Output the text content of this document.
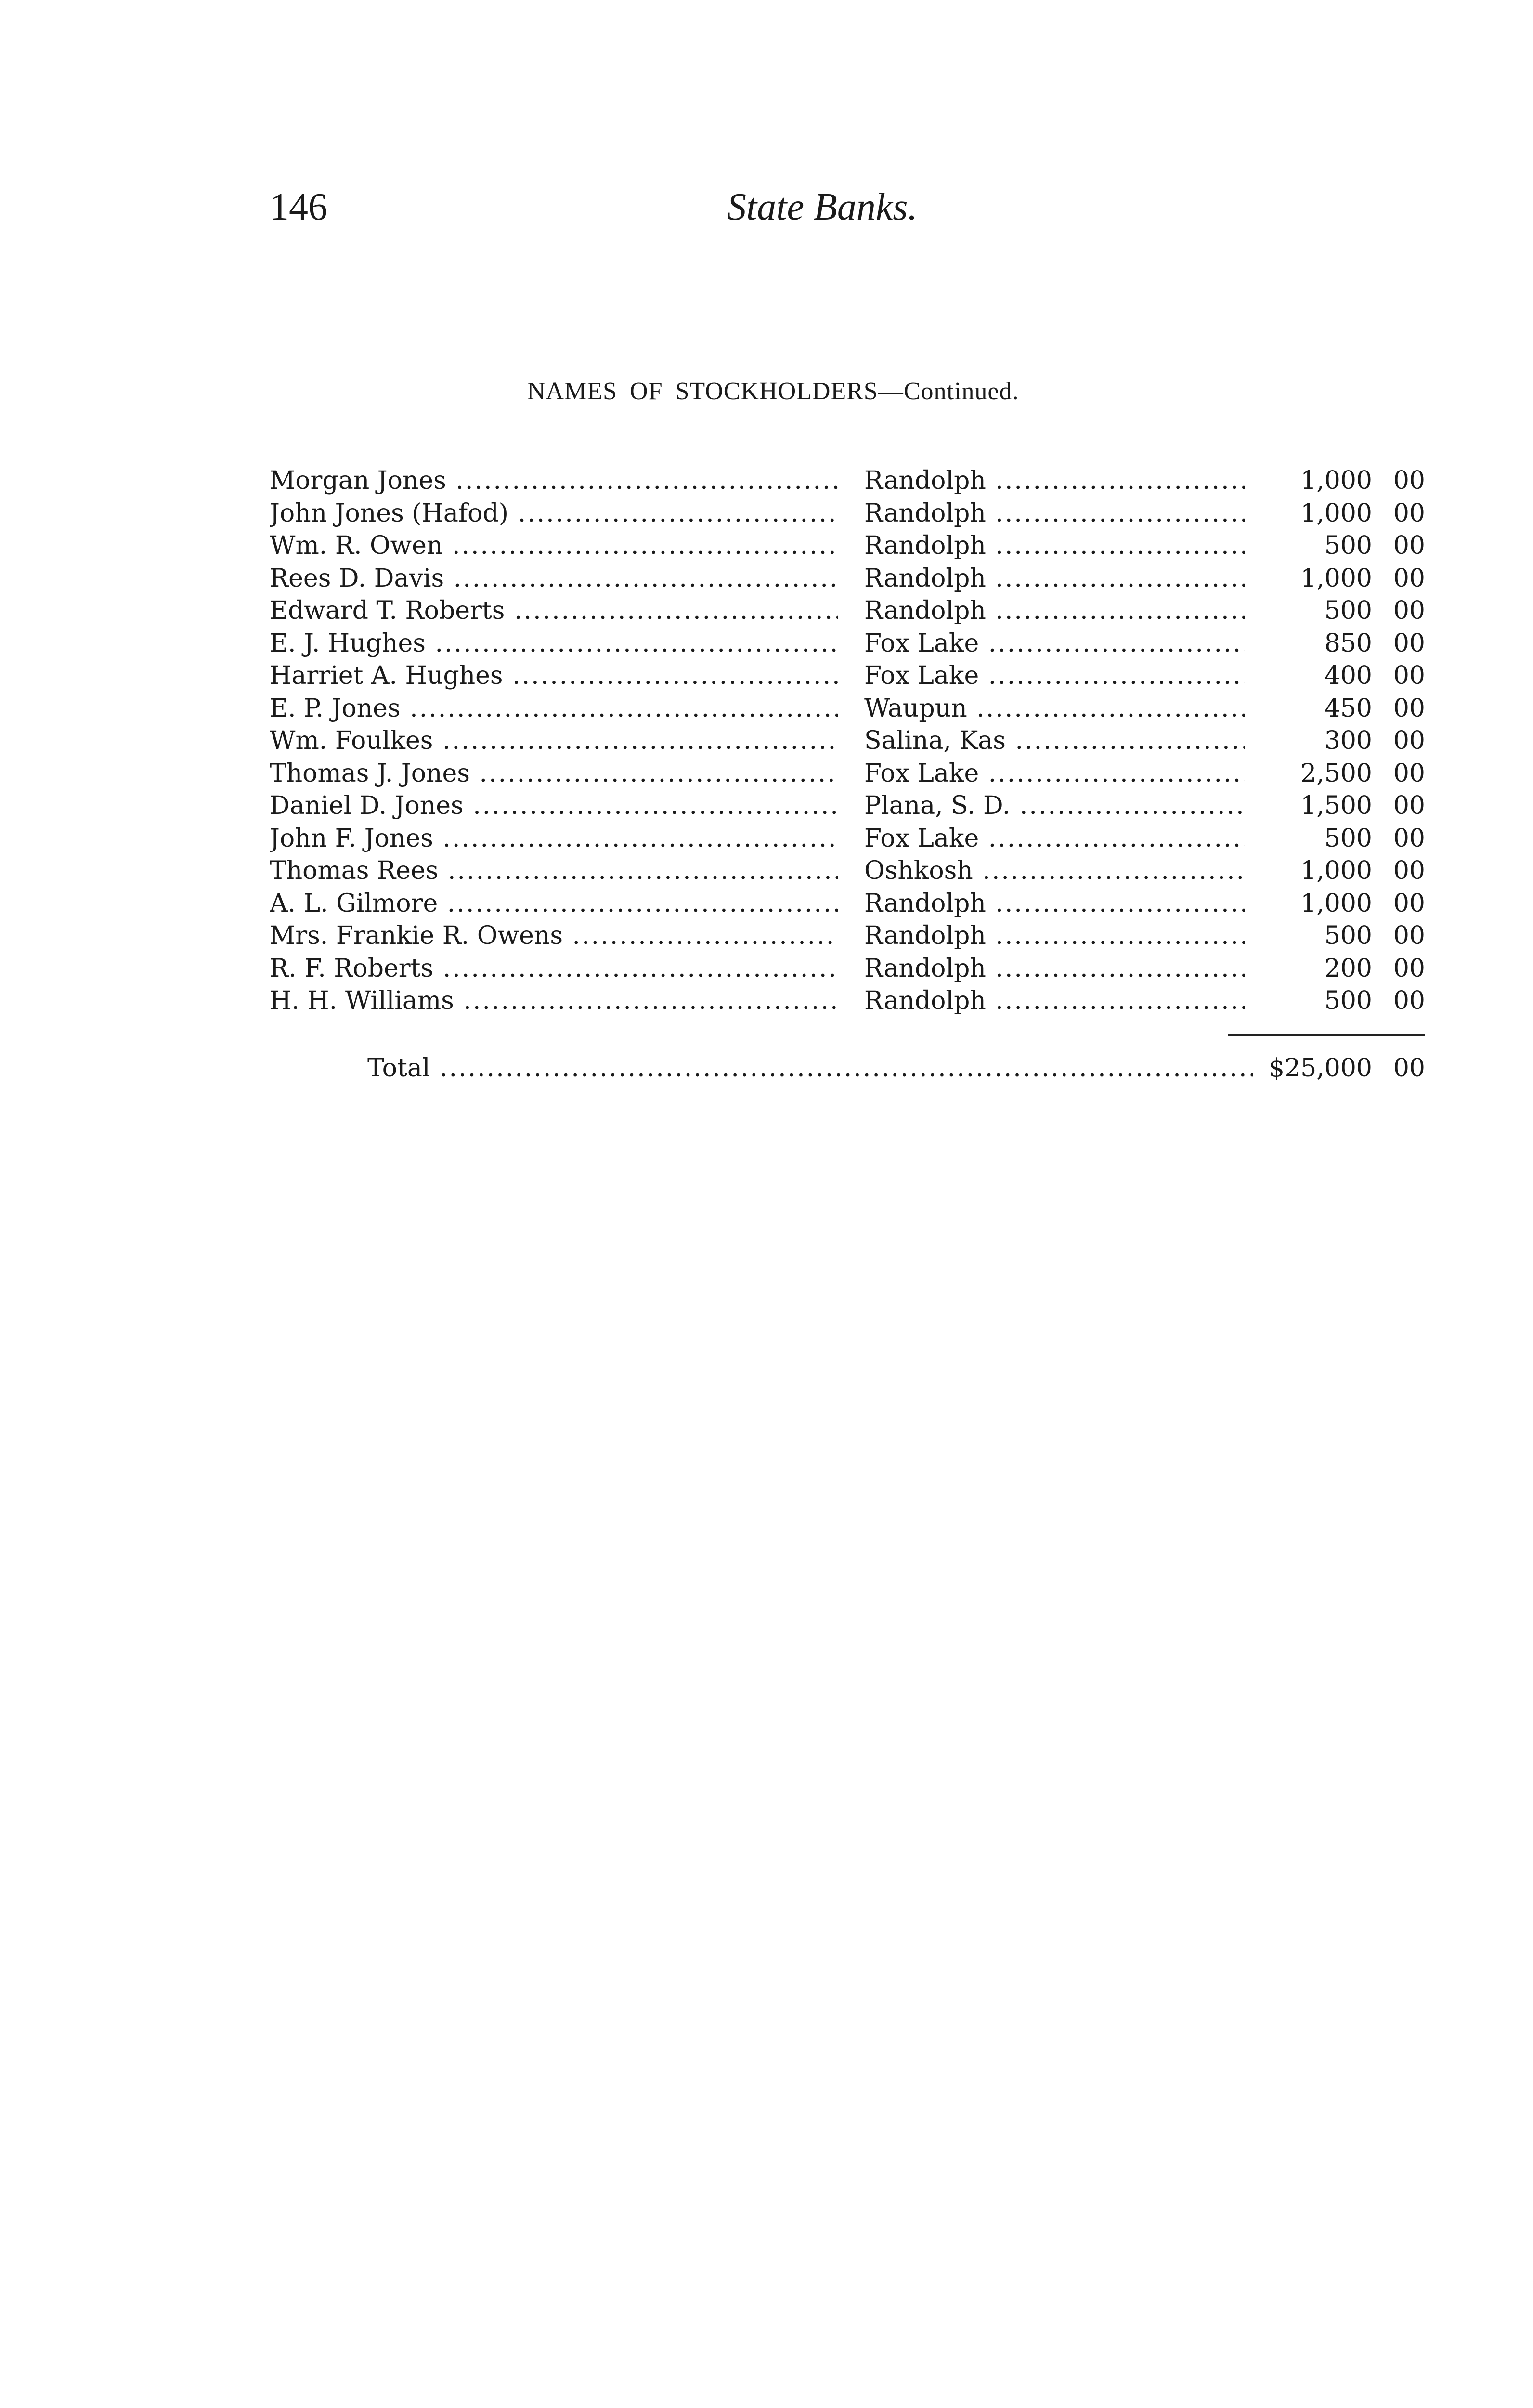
146	State Banks.
NAMES OF STOCKHOLDERS—Continued.
Morgan Jones .....	Randolph .....	1,000 00
John Jones (Hafod) .....	Randolph .....	1,000 00
Wm. R. Owen .....	Randolph .....	500 00
Rees D. Davis .....	Randolph .....	1,000 00
Edward T. Roberts .....	Randolph .....	500 00
E. J. Hughes .....	Fox Lake .....	850 00
Harriet A. Hughes .....	Fox Lake .....	400 00
E. P. Jones .....	Waupun .....	450 00
Wm. Foulkes .....	Salina, Kas .....	300 00
Thomas J. Jones .....	Fox Lake .....	2,500 00
Daniel D. Jones .....	Plana, S. D. .....	1,500 00
John F. Jones .....	Fox Lake .....	500 00
Thomas Rees .....	Oshkosh .....	1,000 00
A. L. Gilmore .....	Randolph .....	1,000 00
Mrs. Frankie R. Owens .....	Randolph .....	500 00
R. F. Roberts .....	Randolph .....	200 00
H. H. Williams .....	Randolph .....	500 00
Total .....	$25,000 00
